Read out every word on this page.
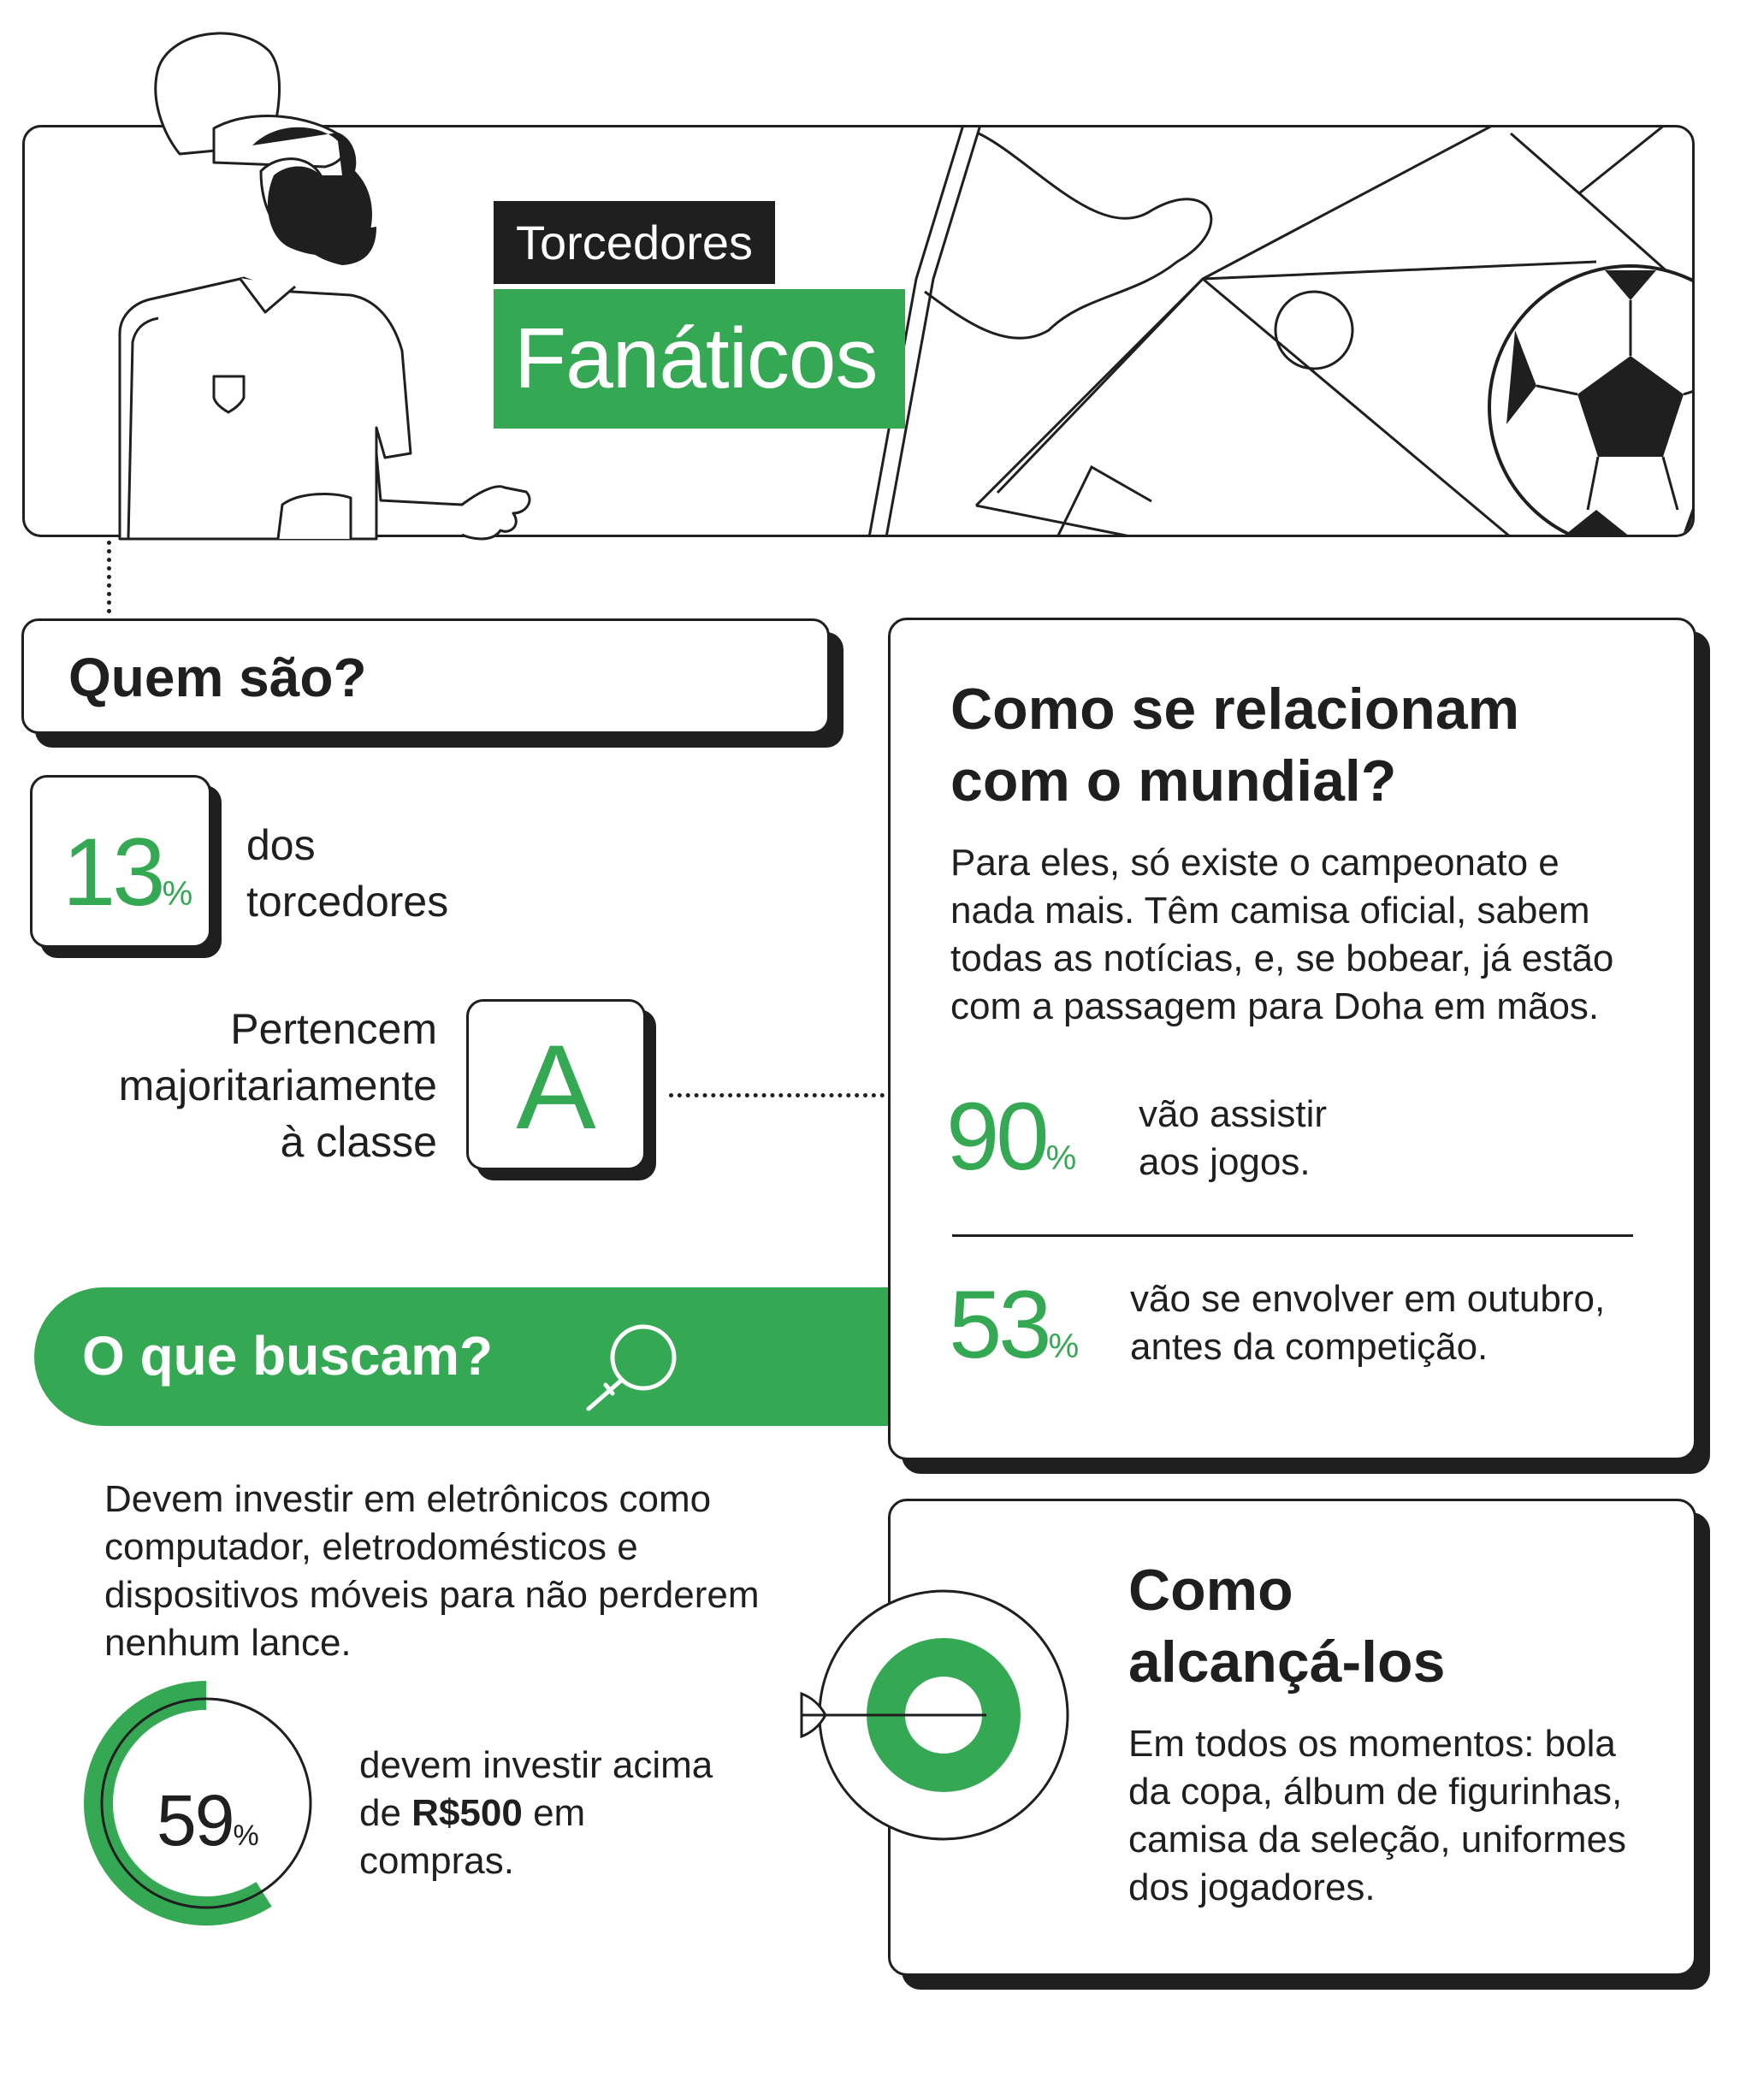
Torcedores
Fanáticos
Quem são?
13%
dos
torcedores
Pertencem
majoritariamente
à classe A
O que buscam?
Devem investir em eletrônicos como
computador, eletrodomésticos e
dispositivos móveis para não perderem
nenhum lance.
59%
devem investir acima
de R$500 em
compras.
Como se relacionam
com o mundial?
Para eles, só existe o campeonato e
nada mais. Têm camisa oficial, sabem
todas as notícias, e, se bobear, já estão
com a passagem para Doha em mãos.
90%
vão assistir
aos jogos.
53%
vão se envolver em outubro,
antes da competição.
Como
alcançá-los
Em todos os momentos: bola
da copa, álbum de figurinhas,
camisa da seleção, uniformes
dos jogadores.
